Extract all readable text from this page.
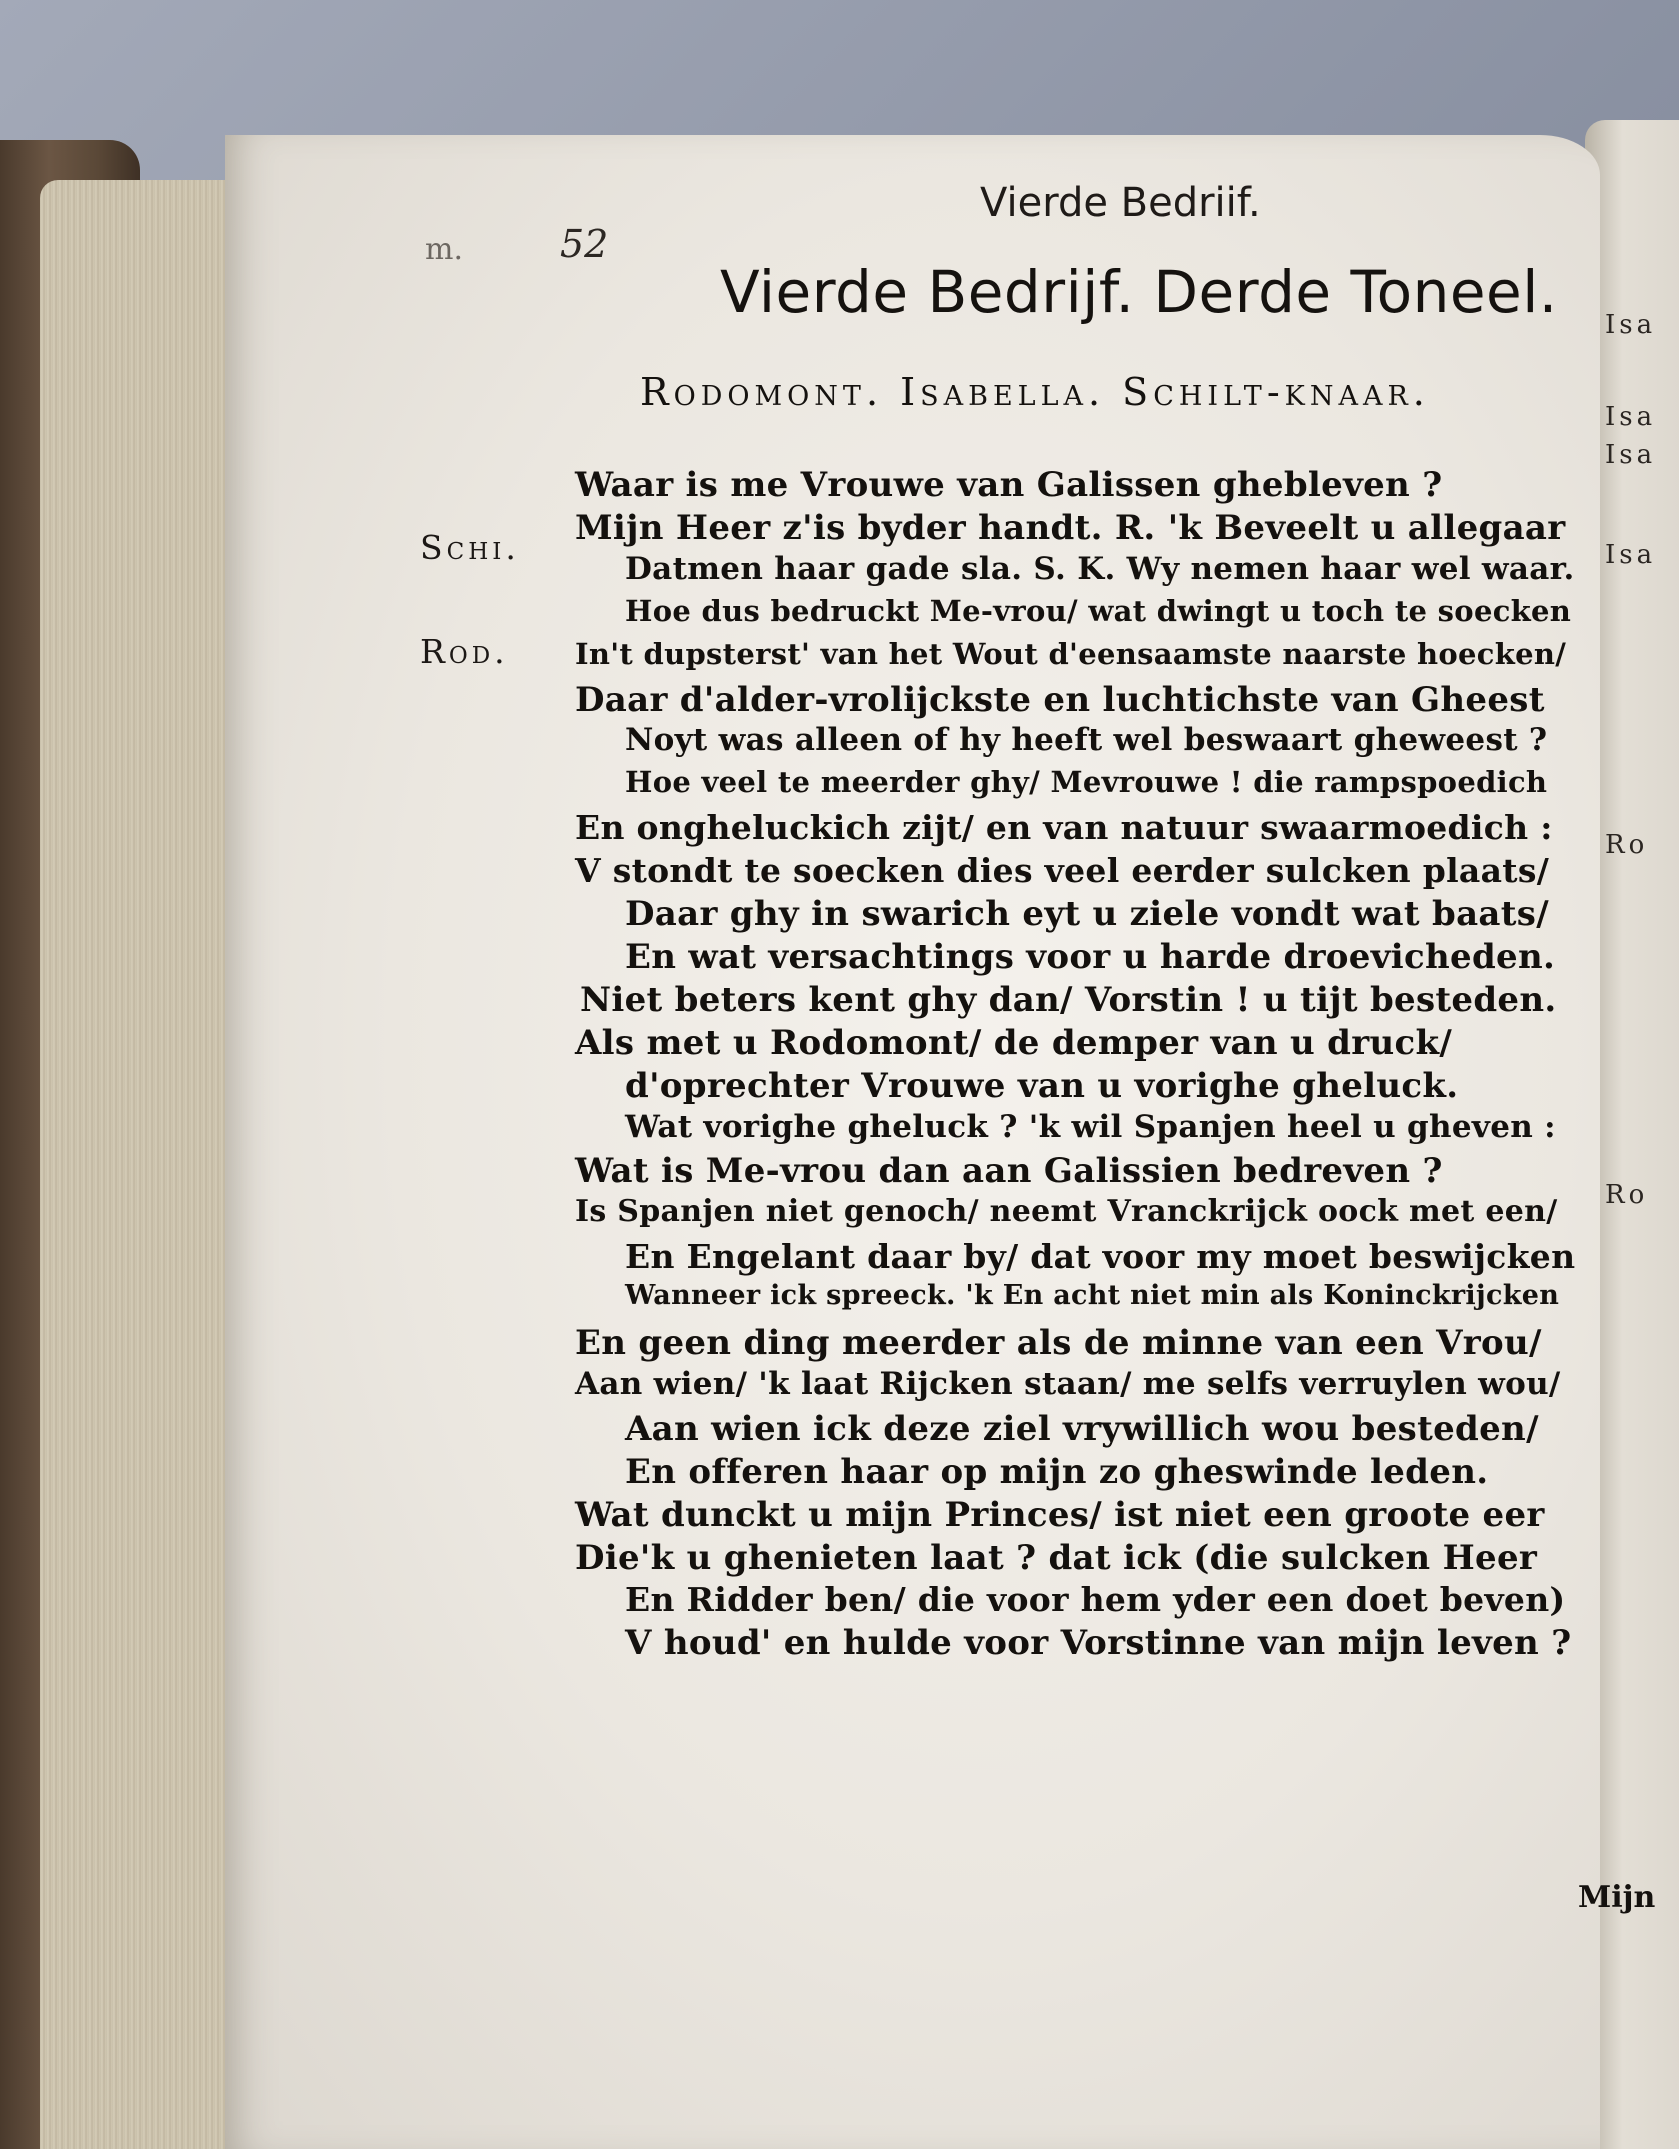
Isa
Isa
Isa
Isa
Ro
Ro
Vierde Bedriif.
m.	52
Vierde Bedrijf. Derde Toneel.
Rodomont. Isabella. Schilt-knaar.
Schi.
Rod.
Waar is me Vrouwe van Galissen ghebleven ?
Mijn Heer z'is byder handt. R. 'k Beveelt u allegaar
Datmen haar gade sla. S. K. Wy nemen haar wel waar.
Hoe dus bedruckt Me-vrou/ wat dwingt u toch te soecken
In't dupsterst' van het Wout d'eensaamste naarste hoecken/
Daar d'alder-vrolijckste en luchtichste van Gheest
Noyt was alleen of hy heeft wel beswaart gheweest ?
Hoe veel te meerder ghy/ Mevrouwe ! die rampspoedich
En ongheluckich zijt/ en van natuur swaarmoedich :
V stondt te soecken dies veel eerder sulcken plaats/
Daar ghy in swarich eyt u ziele vondt wat baats/
En wat versachtings voor u harde droevicheden.
Niet beters kent ghy dan/ Vorstin ! u tijt besteden.
Als met u Rodomont/ de demper van u druck/
d'oprechter Vrouwe van u vorighe gheluck.
Wat vorighe gheluck ? 'k wil Spanjen heel u gheven :
Wat is Me-vrou dan aan Galissien bedreven ?
Is Spanjen niet genoch/ neemt Vranckrijck oock met een/
En Engelant daar by/ dat voor my moet beswijcken
Wanneer ick spreeck. 'k En acht niet min als Koninckrijcken
En geen ding meerder als de minne van een Vrou/
Aan wien/ 'k laat Rijcken staan/ me selfs verruylen wou/
Aan wien ick deze ziel vrywillich wou besteden/
En offeren haar op mijn zo gheswinde leden.
Wat dunckt u mijn Princes/ ist niet een groote eer
Die'k u ghenieten laat ? dat ick (die sulcken Heer
En Ridder ben/ die voor hem yder een doet beven)
V houd' en hulde voor Vorstinne van mijn leven ?
Mijn
